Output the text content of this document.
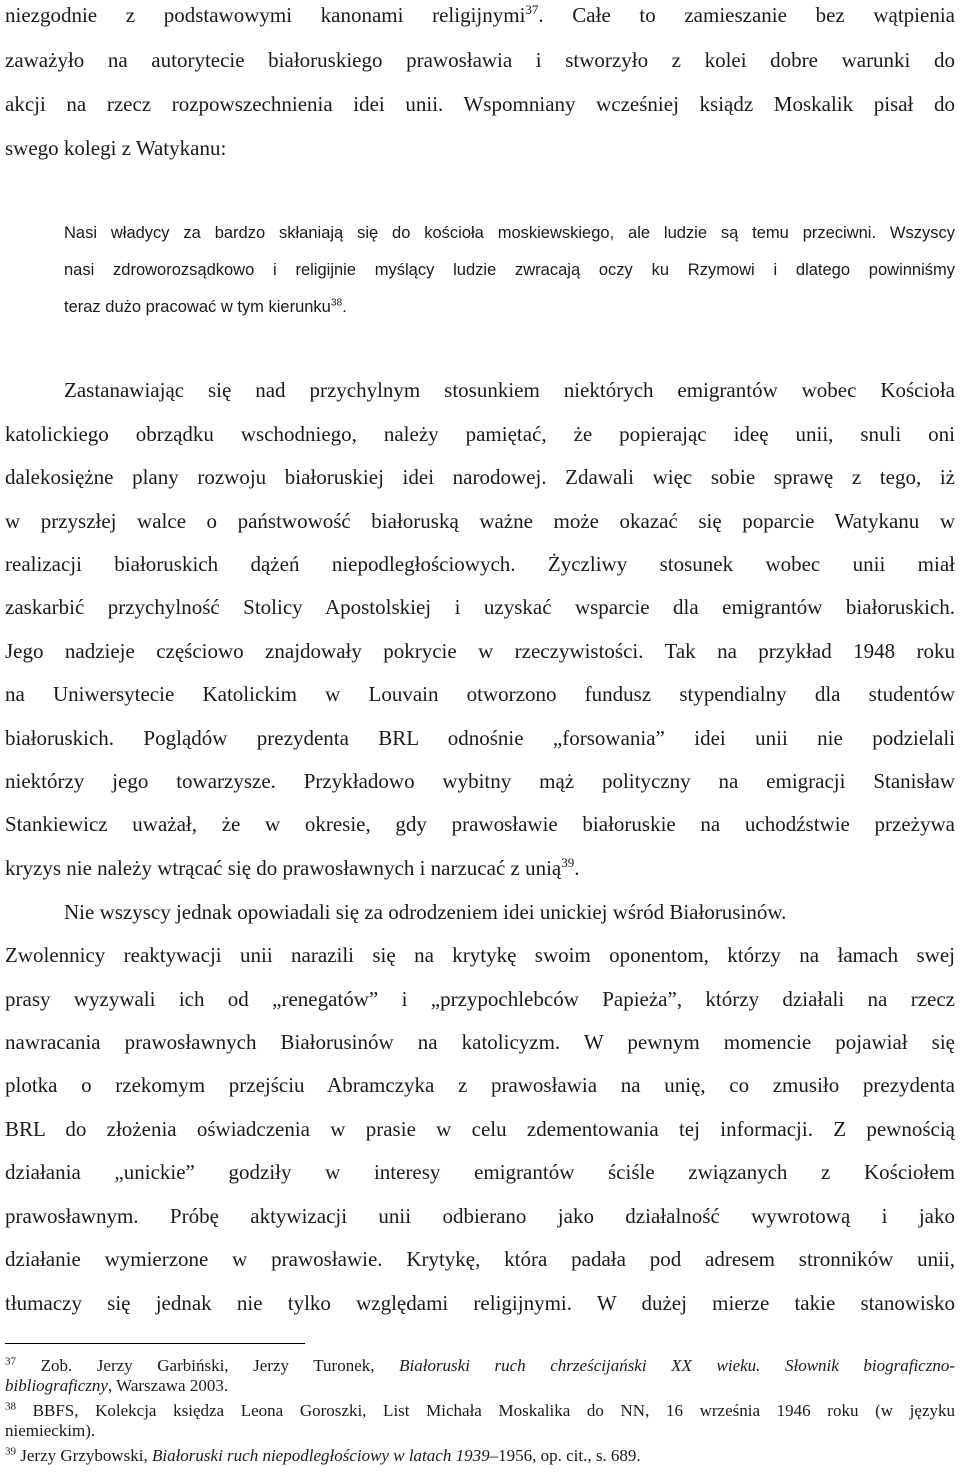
niezgodnie z podstawowymi kanonami religijnymi$^{37}$. Całe to zamieszanie bez wątpienia
zaważyło na autorytecie białoruskiego prawosławia i stworzyło z kolei dobre warunki do
akcji na rzecz rozpowszechnienia idei unii. Wspomniany wcześniej ksiądz Moskalik pisał do
swego kolegi z Watykanu:
Nasi władycy za bardzo skłaniają się do kościoła moskiewskiego, ale ludzie są temu przeciwni. Wszyscy
nasi zdroworozsądkowo i religijnie myślący ludzie zwracają oczy ku Rzymowi i dlatego powinniśmy
teraz dużo pracować w tym kierunku$^{38}$.
Zastanawiając się nad przychylnym stosunkiem niektórych emigrantów wobec Kościoła
katolickiego obrządku wschodniego, należy pamiętać, że popierając ideę unii, snuli oni
dalekosiężne plany rozwoju białoruskiej idei narodowej. Zdawali więc sobie sprawę z tego, iż
w przyszłej walce o państwowość białoruską ważne może okazać się poparcie Watykanu w
realizacji białoruskich dążeń niepodległościowych. Życzliwy stosunek wobec unii miał
zaskarbić przychylność Stolicy Apostolskiej i uzyskać wsparcie dla emigrantów białoruskich.
Jego nadzieje częściowo znajdowały pokrycie w rzeczywistości. Tak na przykład 1948 roku
na Uniwersytecie Katolickim w Louvain otworzono fundusz stypendialny dla studentów
białoruskich. Poglądów prezydenta BRL odnośnie „forsowania” idei unii nie podzielali
niektórzy jego towarzysze. Przykładowo wybitny mąż polityczny na emigracji Stanisław
Stankiewicz uważał, że w okresie, gdy prawosławie białoruskie na uchodźstwie przeżywa
kryzys nie należy wtrącać się do prawosławnych i narzucać z unią$^{39}$.
Nie wszyscy jednak opowiadali się za odrodzeniem idei unickiej wśród Białorusinów.
Zwolennicy reaktywacji unii narazili się na krytykę swoim oponentom, którzy na łamach swej
prasy wyzywali ich od „renegatów” i „przypochlebców Papieża”, którzy działali na rzecz
nawracania prawosławnych Białorusinów na katolicyzm. W pewnym momencie pojawiał się
plotka o rzekomym przejściu Abramczyka z prawosławia na unię, co zmusiło prezydenta
BRL do złożenia oświadczenia w prasie w celu zdementowania tej informacji. Z pewnością
działania „unickie” godziły w interesy emigrantów ściśle związanych z Kościołem
prawosławnym. Próbę aktywizacji unii odbierano jako działalność wywrotową i jako
działanie wymierzone w prawosławie. Krytykę, która padała pod adresem stronników unii,
tłumaczy się jednak nie tylko względami religijnymi. W dużej mierze takie stanowisko
$^{37}$ Zob. Jerzy Garbiński, Jerzy Turonek, Białoruski ruch chrześcijański XX wieku. Słownik biograficzno-
bibliograficzny, Warszawa 2003.
$^{38}$ BBFS, Kolekcja księdza Leona Goroszki, List Michała Moskalika do NN, 16 września 1946 roku (w języku
niemieckim).
$^{39}$ Jerzy Grzybowski, Białoruski ruch niepodległościowy w latach 1939–1956, op. cit., s. 689.
